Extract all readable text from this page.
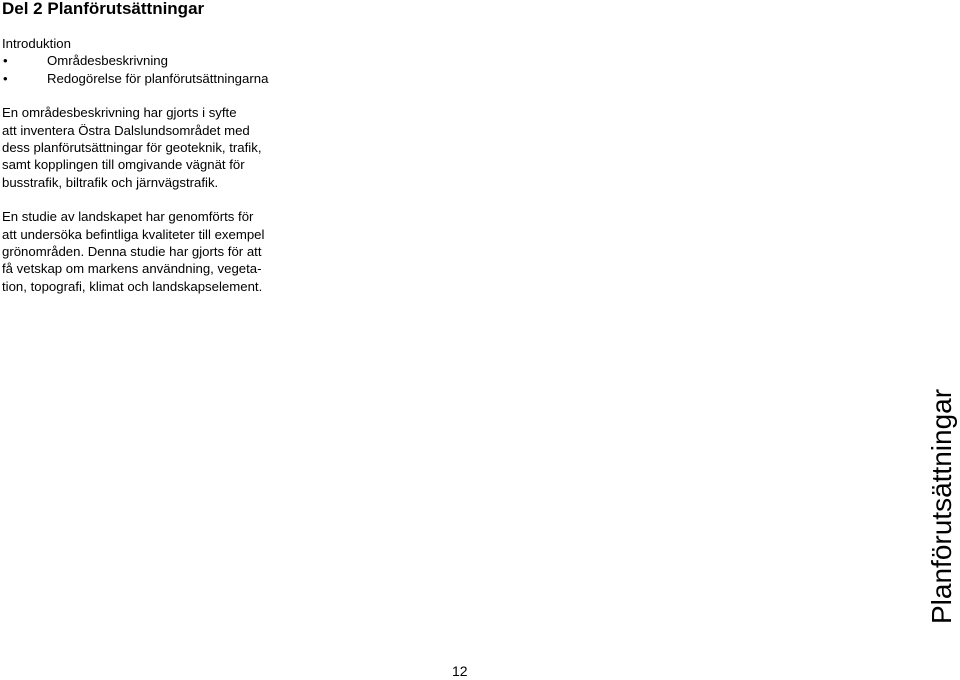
Del 2 Planförutsättningar
Introduktion
•	Områdesbeskrivning
•	Redogörelse för planförutsättningarna

En områdesbeskrivning har gjorts i syfte
att inventera Östra Dalslundsområdet med
dess planförutsättningar för geoteknik, trafik,
samt kopplingen till omgivande vägnät för
busstrafik, biltrafik och järnvägstrafik.

En studie av landskapet har genomförts för
att undersöka befintliga kvaliteter till exempel
grönområden. Denna studie har gjorts för att
få vetskap om markens användning, vegeta-
tion, topografi, klimat och landskapselement.

Planförutsättningar
12
